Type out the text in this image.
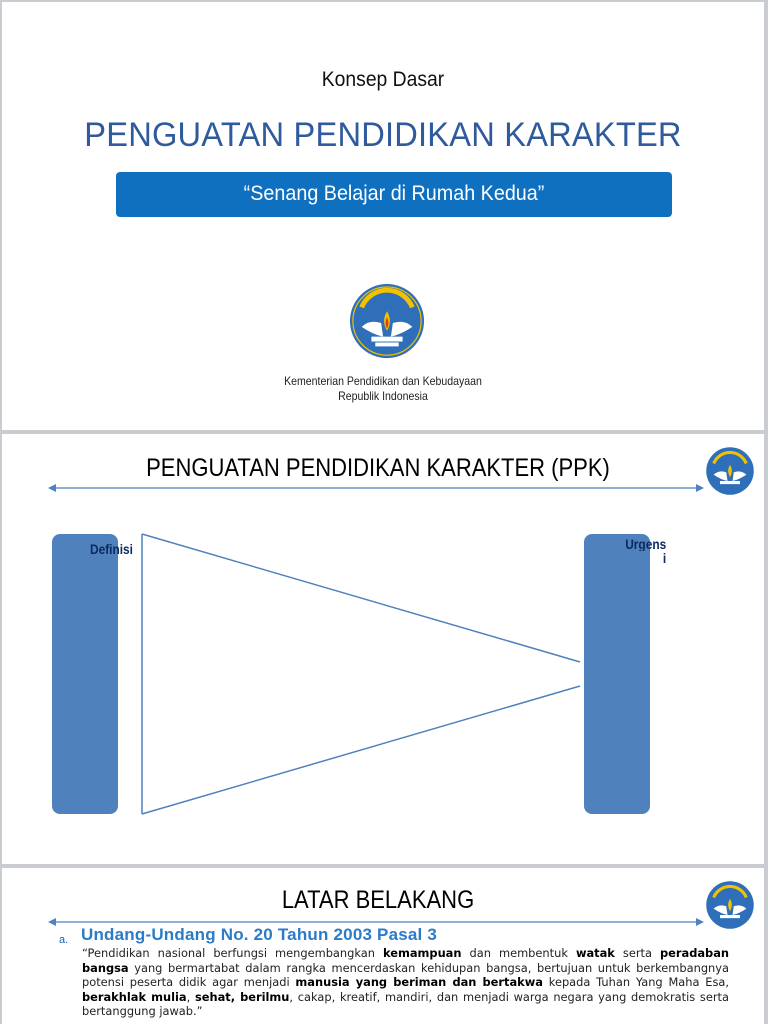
Konsep Dasar
PENGUATAN PENDIDIKAN KARAKTER
“Senang Belajar di Rumah Kedua”
Kementerian Pendidikan dan Kebudayaan
Republik Indonesia
PENGUATAN PENDIDIKAN KARAKTER (PPK)
Definisi	Urgens
i
LATAR BELAKANG
a. Undang-Undang No. 20 Tahun 2003 Pasal 3
“Pendidikan nasional berfungsi mengembangkan kemampuan dan membentuk watak serta peradaban bangsa yang bermartabat dalam rangka mencerdaskan kehidupan bangsa, bertujuan untuk berkembangnya potensi peserta didik agar menjadi manusia yang beriman dan bertakwa kepada Tuhan Yang Maha Esa, berakhlak mulia, sehat, berilmu, cakap, kreatif, mandiri, dan menjadi warga negara yang demokratis serta bertanggung jawab.”
